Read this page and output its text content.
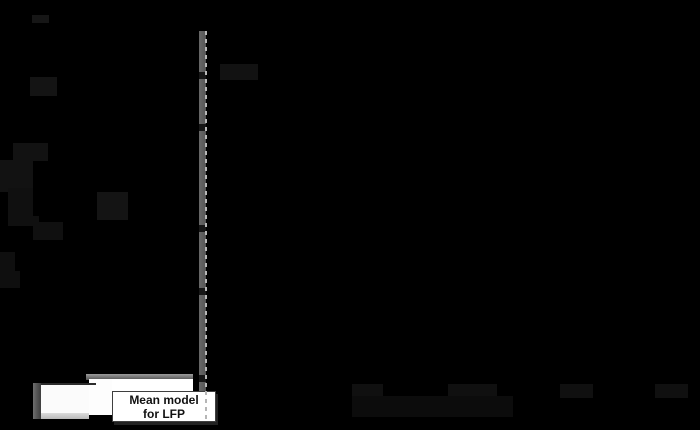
Mean model
for LFP
